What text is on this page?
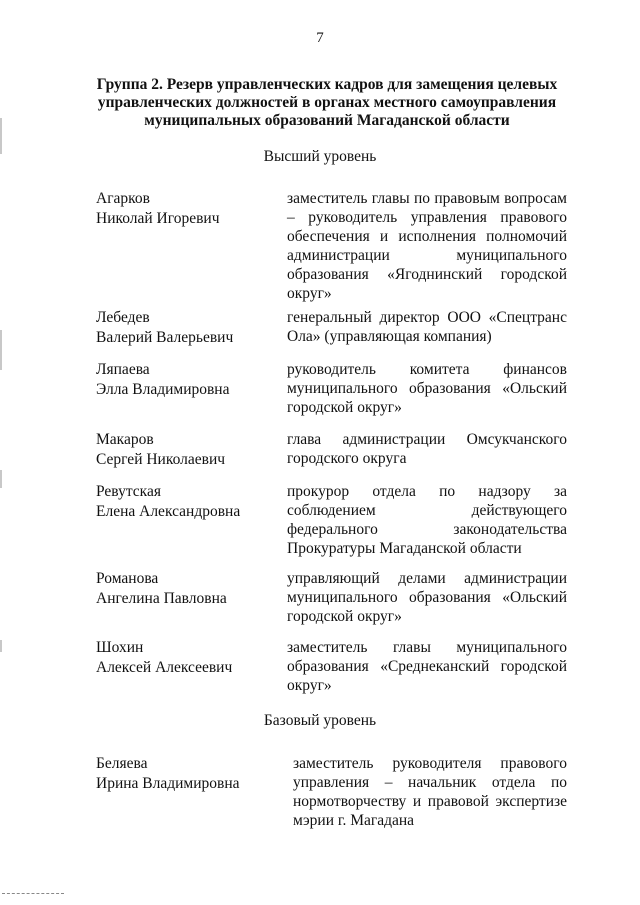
7
Группа 2. Резерв управленческих кадров для замещения целевых управленческих должностей в органах местного самоуправления муниципальных образований Магаданской области
Высший уровень
Агарков
Николай Игоревич
заместитель главы по правовым вопросам – руководитель управления правового обеспечения и исполнения полномочий администрации муниципального образования «Ягоднинский городской округ»
Лебедев
Валерий Валерьевич
генеральный директор ООО «Спецтранс Ола» (управляющая компания)
Ляпаева
Элла Владимировна
руководитель комитета финансов муниципального образования «Ольский городской округ»
Макаров
Сергей Николаевич
глава администрации Омсукчанского городского округа
Ревутская
Елена Александровна
прокурор отдела по надзору за соблюдением действующего федерального законодательства Прокуратуры Магаданской области
Романова
Ангелина Павловна
управляющий делами администрации муниципального образования «Ольский городской округ»
Шохин
Алексей Алексеевич
заместитель главы муниципального образования «Среднеканский городской округ»
Базовый уровень
Беляева
Ирина Владимировна
заместитель руководителя правового управления – начальник отдела по нормотворчеству и правовой экспертизе мэрии г. Магадана
